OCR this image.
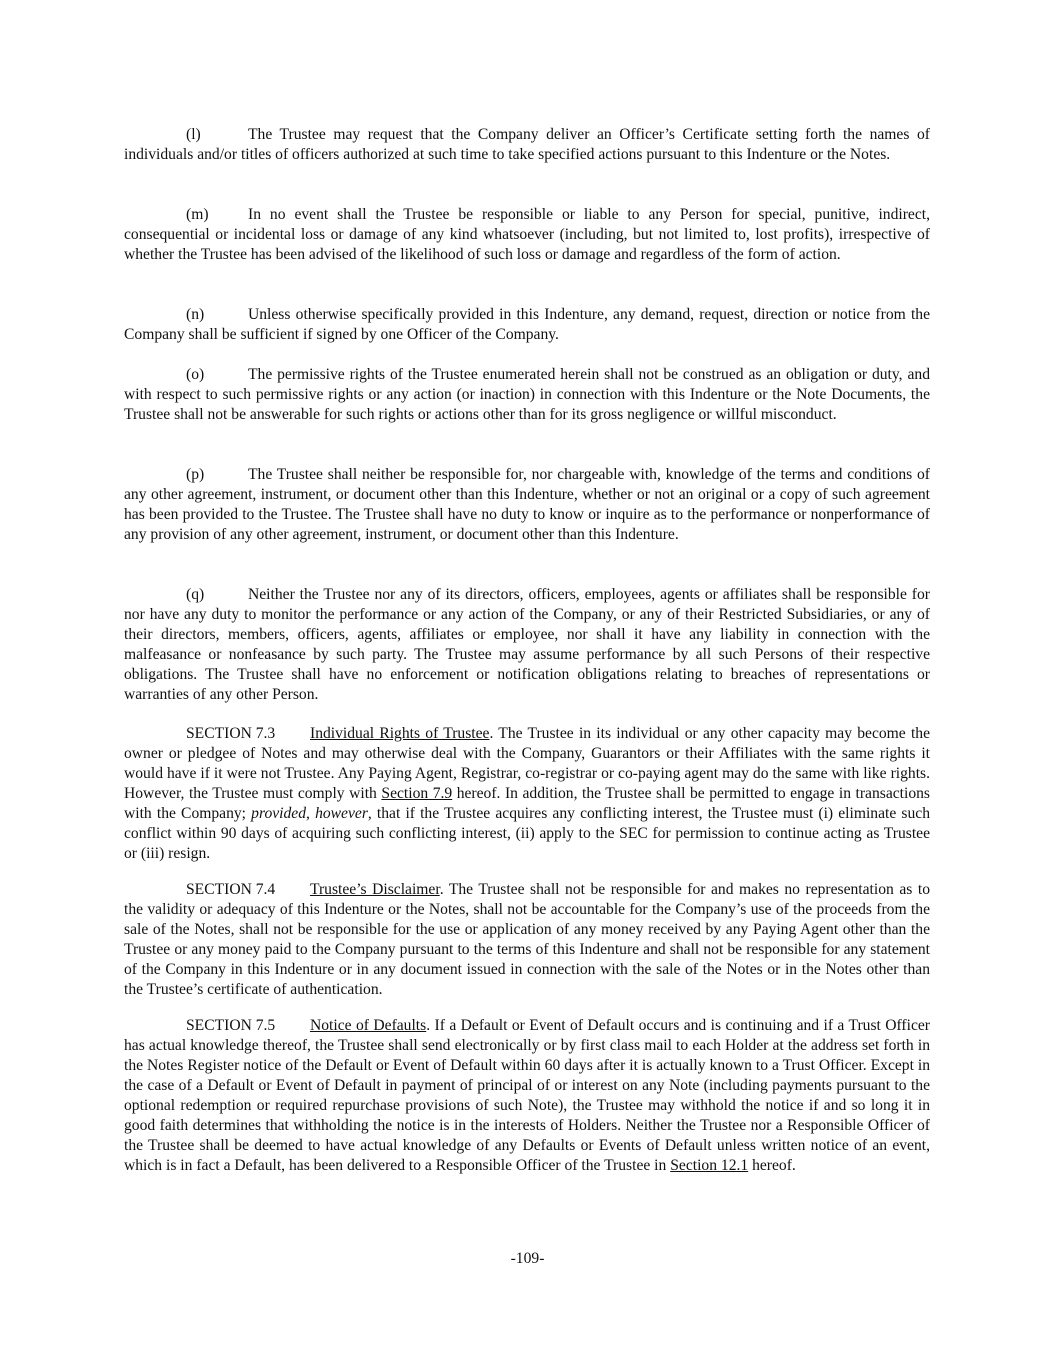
(l)	The Trustee may request that the Company deliver an Officer’s Certificate setting forth the names of individuals and/or titles of officers authorized at such time to take specified actions pursuant to this Indenture or the Notes.

(m)	In no event shall the Trustee be responsible or liable to any Person for special, punitive, indirect, consequential or incidental loss or damage of any kind whatsoever (including, but not limited to, lost profits), irrespective of whether the Trustee has been advised of the likelihood of such loss or damage and regardless of the form of action.

(n)	Unless otherwise specifically provided in this Indenture, any demand, request, direction or notice from the Company shall be sufficient if signed by one Officer of the Company.

(o)	The permissive rights of the Trustee enumerated herein shall not be construed as an obligation or duty, and with respect to such permissive rights or any action (or inaction) in connection with this Indenture or the Note Documents, the Trustee shall not be answerable for such rights or actions other than for its gross negligence or willful misconduct.

(p)	The Trustee shall neither be responsible for, nor chargeable with, knowledge of the terms and conditions of any other agreement, instrument, or document other than this Indenture, whether or not an original or a copy of such agreement has been provided to the Trustee. The Trustee shall have no duty to know or inquire as to the performance or nonperformance of any provision of any other agreement, instrument, or document other than this Indenture.

(q)	Neither the Trustee nor any of its directors, officers, employees, agents or affiliates shall be responsible for nor have any duty to monitor the performance or any action of the Company, or any of their Restricted Subsidiaries, or any of their directors, members, officers, agents, affiliates or employee, nor shall it have any liability in connection with the malfeasance or nonfeasance by such party. The Trustee may assume performance by all such Persons of their respective obligations. The Trustee shall have no enforcement or notification obligations relating to breaches of representations or warranties of any other Person.

SECTION 7.3 Individual Rights of Trustee. The Trustee in its individual or any other capacity may become the owner or pledgee of Notes and may otherwise deal with the Company, Guarantors or their Affiliates with the same rights it would have if it were not Trustee. Any Paying Agent, Registrar, co-registrar or co-paying agent may do the same with like rights. However, the Trustee must comply with Section 7.9 hereof. In addition, the Trustee shall be permitted to engage in transactions with the Company; provided, however, that if the Trustee acquires any conflicting interest, the Trustee must (i) eliminate such conflict within 90 days of acquiring such conflicting interest, (ii) apply to the SEC for permission to continue acting as Trustee or (iii) resign.

SECTION 7.4 Trustee’s Disclaimer. The Trustee shall not be responsible for and makes no representation as to the validity or adequacy of this Indenture or the Notes, shall not be accountable for the Company’s use of the proceeds from the sale of the Notes, shall not be responsible for the use or application of any money received by any Paying Agent other than the Trustee or any money paid to the Company pursuant to the terms of this Indenture and shall not be responsible for any statement of the Company in this Indenture or in any document issued in connection with the sale of the Notes or in the Notes other than the Trustee’s certificate of authentication.

SECTION 7.5 Notice of Defaults. If a Default or Event of Default occurs and is continuing and if a Trust Officer has actual knowledge thereof, the Trustee shall send electronically or by first class mail to each Holder at the address set forth in the Notes Register notice of the Default or Event of Default within 60 days after it is actually known to a Trust Officer. Except in the case of a Default or Event of Default in payment of principal of or interest on any Note (including payments pursuant to the optional redemption or required repurchase provisions of such Note), the Trustee may withhold the notice if and so long it in good faith determines that withholding the notice is in the interests of Holders. Neither the Trustee nor a Responsible Officer of the Trustee shall be deemed to have actual knowledge of any Defaults or Events of Default unless written notice of an event, which is in fact a Default, has been delivered to a Responsible Officer of the Trustee in Section 12.1 hereof.

-109-
